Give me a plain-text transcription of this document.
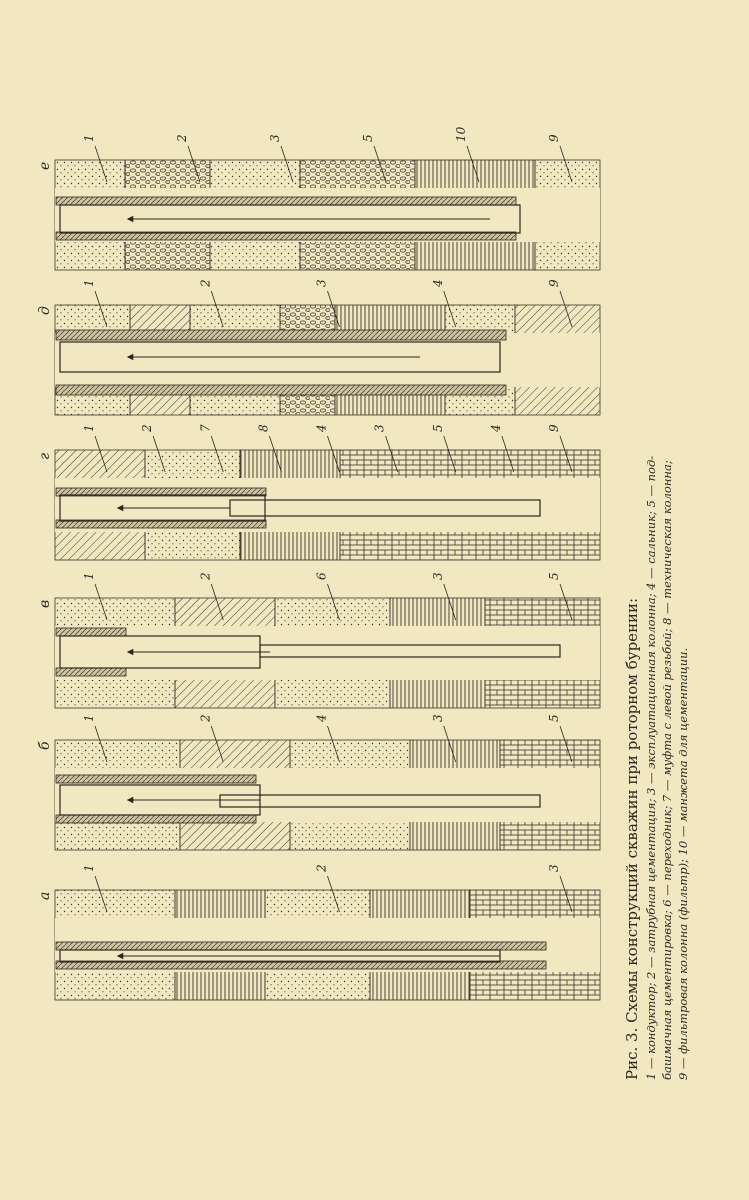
а
1	2	3
б
1	2	4	3	5
в
1	2	6	3	5
г
1	2	7	8	4	3	5	4	9
д
1	2	3	4	9
е
1	2	3	5	10	9
Рис. 3. Схемы конструкций скважин при роторном бурении: 1 — кондуктор; 2 — затрубная цементация; 3 — эксплуатационная колонна; 4 — сальник; 5 — под- башмачная цементировка; 6 — переходник; 7 — муфта с левой резьбой; 8 — техническая колонна; 9 — фильтровая колонна (фильтр); 10 — манжета для цементации.
